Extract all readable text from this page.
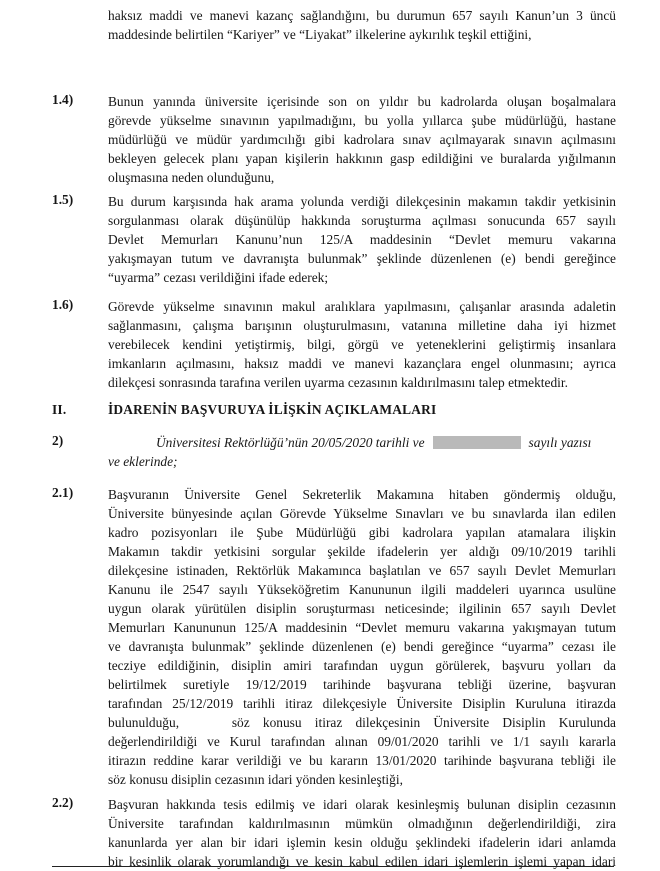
haksız maddi ve manevi kazanç sağlandığını, bu durumun 657 sayılı Kanun’un 3 üncü
maddesinde belirtilen “Kariyer” ve “Liyakat” ilkelerine aykırılık teşkil ettiğini,
1.4)	Bunun yanında üniversite içerisinde son on yıldır bu kadrolarda oluşan boşalmalara
görevde yükselme sınavının yapılmadığını, bu yolla yıllarca şube müdürlüğü, hastane
müdürlüğü ve müdür yardımcılığı gibi kadrolara sınav açılmayarak sınavın açılmasını
bekleyen gelecek planı yapan kişilerin hakkının gasp edildiğini ve buralarda yığılmanın
oluşmasına neden olunduğunu,
1.5)	Bu durum karşısında hak arama yolunda verdiği dilekçesinin makamın takdir yetkisinin
sorgulanması olarak düşünülüp hakkında soruşturma açılması sonucunda 657 sayılı
Devlet Memurları Kanunu’nun 125/A maddesinin “Devlet memuru vakarına
yakışmayan tutum ve davranışta bulunmak” şeklinde düzenlenen (e) bendi gereğince
“uyarma” cezası verildiğini ifade ederek;
1.6)	Görevde yükselme sınavının makul aralıklara yapılmasını, çalışanlar arasında adaletin
sağlanmasını, çalışma barışının oluşturulmasını, vatanına milletine daha iyi hizmet
verebilecek kendini yetiştirmiş, bilgi, görgü ve yeteneklerini geliştirmiş insanlara
imkanların açılmasını, haksız maddi ve manevi kazançlara engel olunmasını; ayrıca
dilekçesi sonrasında tarafına verilen uyarma cezasının kaldırılmasını talep etmektedir.
II.	İDARENİN BAŞVURUYA İLİŞKİN AÇIKLAMALARI
2)	Üniversitesi Rektörlüğü’nün 20/05/2020 tarihli ve	sayılı yazısı
ve eklerinde;
2.1)	Başvuranın Üniversite Genel Sekreterlik Makamına hitaben göndermiş olduğu,
Üniversite bünyesinde açılan Görevde Yükselme Sınavları ve bu sınavlarda ilan edilen
kadro pozisyonları ile Şube Müdürlüğü gibi kadrolara yapılan atamalara ilişkin
Makamın takdir yetkisini sorgular şekilde ifadelerin yer aldığı 09/10/2019 tarihli
dilekçesine istinaden, Rektörlük Makamınca başlatılan ve 657 sayılı Devlet Memurları
Kanunu ile 2547 sayılı Yükseköğretim Kanununun ilgili maddeleri uyarınca usulüne
uygun olarak yürütülen disiplin soruşturması neticesinde; ilgilinin 657 sayılı Devlet
Memurları Kanununun 125/A maddesinin “Devlet memuru vakarına yakışmayan tutum
ve davranışta bulunmak” şeklinde düzenlenen (e) bendi gereğince “uyarma” cezası ile
tecziye edildiğinin, disiplin amiri tarafından uygun görülerek, başvuru yolları da
belirtilmek suretiyle 19/12/2019 tarihinde başvurana tebliği üzerine, başvuran
tarafından 25/12/2019 tarihli itiraz dilekçesiyle Üniversite Disiplin Kuruluna itirazda
bulunulduğu,    söz konusu itiraz dilekçesinin Üniversite Disiplin Kurulunda
değerlendirildiği ve Kurul tarafından alınan 09/01/2020 tarihli ve 1/1 sayılı kararla
itirazın reddine karar verildiği ve bu kararın 13/01/2020 tarihinde başvurana tebliği ile
söz konusu disiplin cezasının idari yönden kesinleştiği,
2.2)	Başvuran hakkında tesis edilmiş ve idari olarak kesinleşmiş bulunan disiplin cezasının
Üniversite tarafından kaldırılmasının mümkün olmadığının değerlendirildiği, zira
kanunlarda yer alan bir idari işlemin kesin olduğu şeklindeki ifadelerin idari anlamda
bir kesinlik olarak yorumlandığı ve kesin kabul edilen idari işlemlerin işlemi yapan idari
